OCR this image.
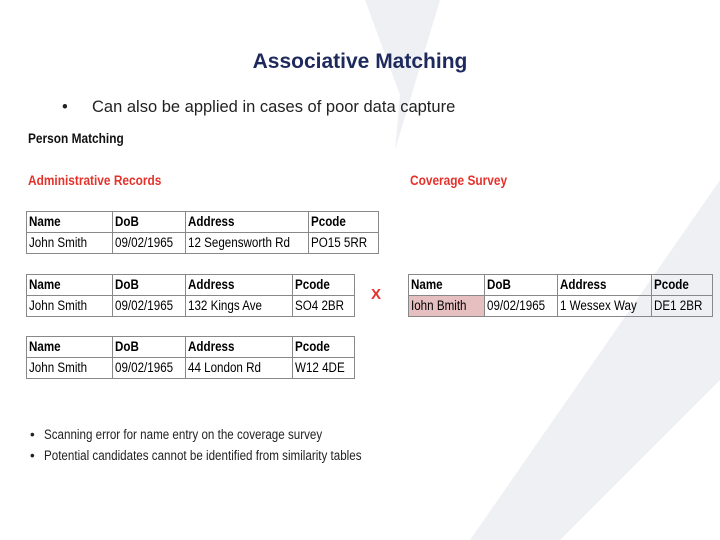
Associative Matching
• Can also be applied in cases of poor data capture
Person Matching
Administrative Records	Coverage Survey
Name	DoB	Address	Pcode
John Smith	09/02/1965	12 Segensworth Rd	PO15 5RR
Name	DoB	Address	Pcode
John Smith	09/02/1965	132 Kings Ave	SO4 2BR
Name	DoB	Address	Pcode
John Smith	09/02/1965	44 London Rd	W12 4DE
X
Name	DoB	Address	Pcode
Iohn Bmith	09/02/1965	1 Wessex Way	DE1 2BR
• Scanning error for name entry on the coverage survey
• Potential candidates cannot be identified from similarity tables
